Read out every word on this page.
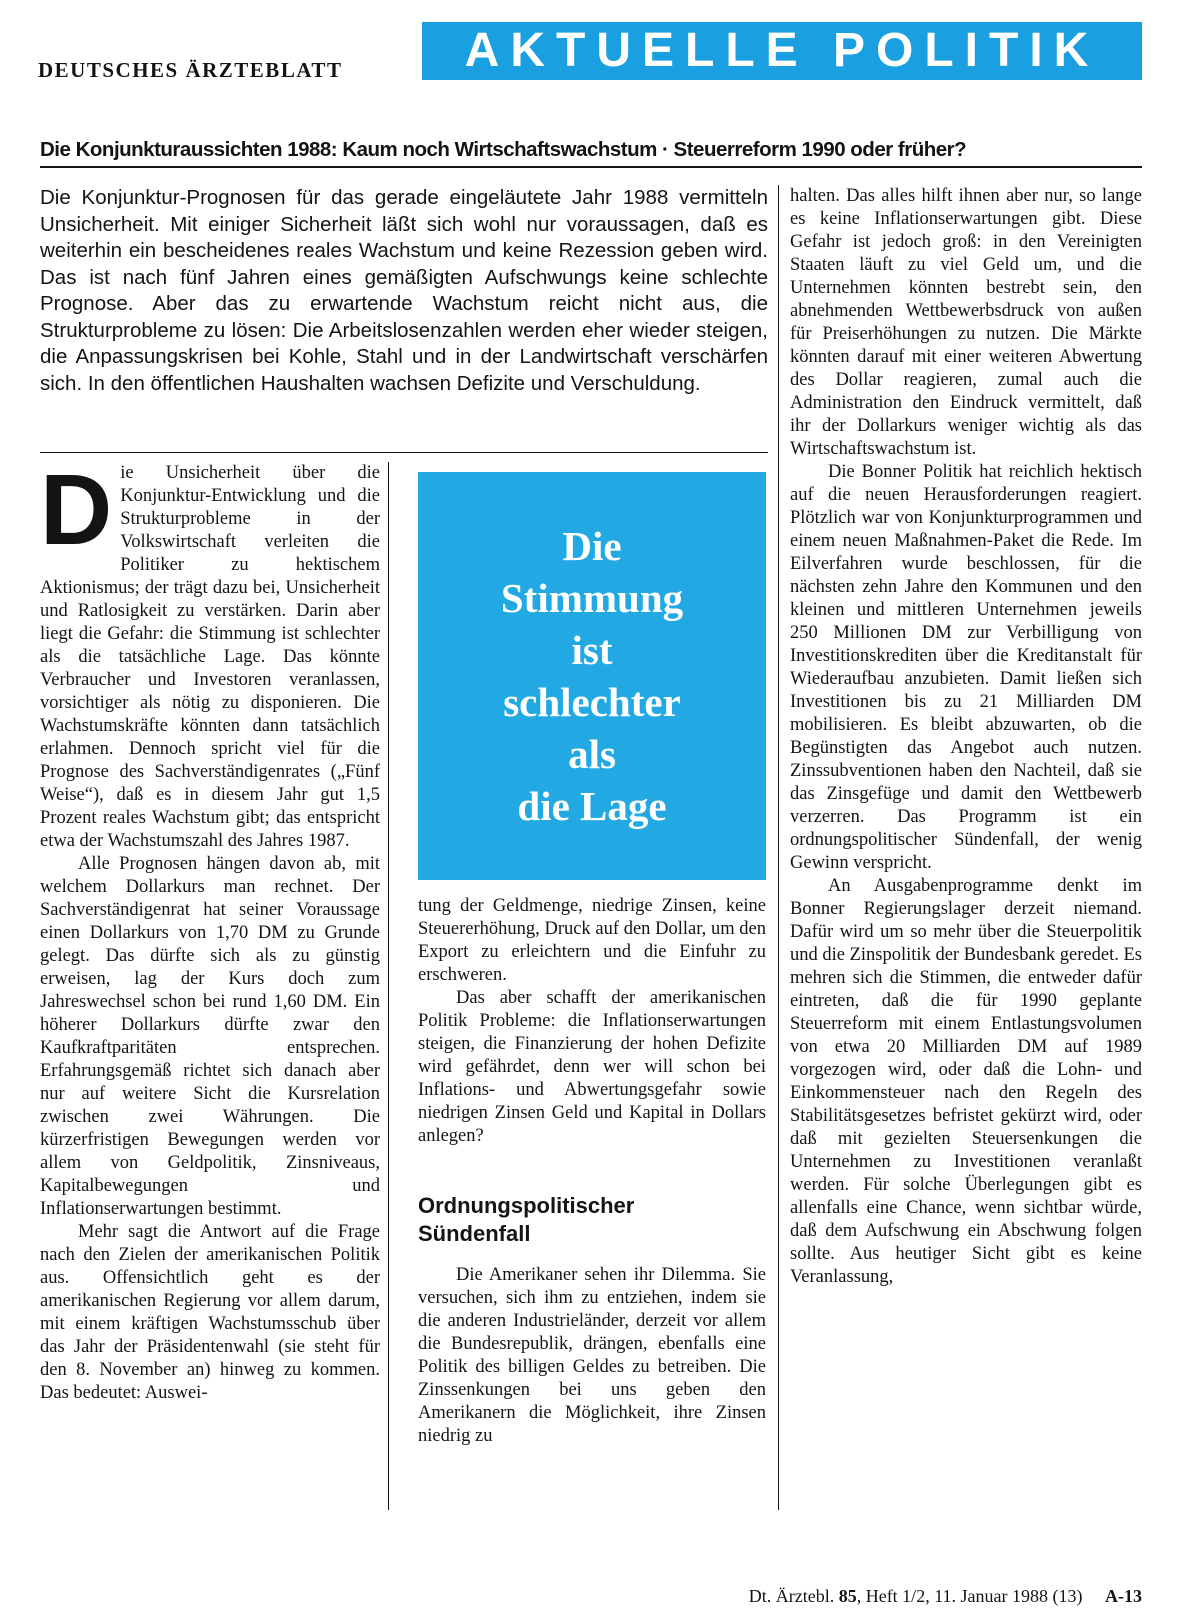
DEUTSCHES ÄRZTEBLATT	AKTUELLE POLITIK
Die Konjunkturaussichten 1988: Kaum noch Wirtschaftswachstum · Steuerreform 1990 oder früher?

Die Konjunktur-Prognosen für das gerade eingeläutete Jahr 1988 vermitteln Unsicherheit. Mit einiger Sicherheit läßt sich wohl nur voraussagen, daß es weiterhin ein bescheidenes reales Wachstum und keine Rezession geben wird. Das ist nach fünf Jahren eines gemäßigten Aufschwungs keine schlechte Prognose. Aber das zu erwartende Wachstum reicht nicht aus, die Strukturprobleme zu lösen: Die Arbeitslosenzahlen werden eher wieder steigen, die Anpassungskrisen bei Kohle, Stahl und in der Landwirtschaft verschärfen sich. In den öffentlichen Haushalten wachsen Defizite und Verschuldung.

Die Unsicherheit über die Konjunktur-Entwicklung und die Strukturprobleme in der Volkswirtschaft verleiten die Politiker zu hektischem Aktionismus; der trägt dazu bei, Unsicherheit und Ratlosigkeit zu verstärken. Darin aber liegt die Gefahr: die Stimmung ist schlechter als die tatsächliche Lage. Das könnte Verbraucher und Investoren veranlassen, vorsichtiger als nötig zu disponieren. Die Wachstumskräfte könnten dann tatsächlich erlahmen. Dennoch spricht viel für die Prognose des Sachverständigenrates („Fünf Weise“), daß es in diesem Jahr gut 1,5 Prozent reales Wachstum gibt; das entspricht etwa der Wachstumszahl des Jahres 1987.

Alle Prognosen hängen davon ab, mit welchem Dollarkurs man rechnet. Der Sachverständigenrat hat seiner Voraussage einen Dollarkurs von 1,70 DM zu Grunde gelegt. Das dürfte sich als zu günstig erweisen, lag der Kurs doch zum Jahreswechsel schon bei rund 1,60 DM. Ein höherer Dollarkurs dürfte zwar den Kaufkraftparitäten entsprechen. Erfahrungsgemäß richtet sich danach aber nur auf weitere Sicht die Kursrelation zwischen zwei Währungen. Die kürzerfristigen Bewegungen werden vor allem von Geldpolitik, Zinsniveaus, Kapitalbewegungen und Inflationserwartungen bestimmt.

Mehr sagt die Antwort auf die Frage nach den Zielen der amerikanischen Politik aus. Offensichtlich geht es der amerikanischen Regierung vor allem darum, mit einem kräftigen Wachstumsschub über das Jahr der Präsidentenwahl (sie steht für den 8. November an) hinweg zu kommen. Das bedeutet: Auswei-

Die
Stimmung
ist
schlechter
als
die Lage

tung der Geldmenge, niedrige Zinsen, keine Steuererhöhung, Druck auf den Dollar, um den Export zu erleichtern und die Einfuhr zu erschweren.

Das aber schafft der amerikanischen Politik Probleme: die Inflationserwartungen steigen, die Finanzierung der hohen Defizite wird gefährdet, denn wer will schon bei Inflations- und Abwertungsgefahr sowie niedrigen Zinsen Geld und Kapital in Dollars anlegen?

Ordnungspolitischer
Sündenfall

Die Amerikaner sehen ihr Dilemma. Sie versuchen, sich ihm zu entziehen, indem sie die anderen Industrieländer, derzeit vor allem die Bundesrepublik, drängen, ebenfalls eine Politik des billigen Geldes zu betreiben. Die Zinssenkungen bei uns geben den Amerikanern die Möglichkeit, ihre Zinsen niedrig zu

halten. Das alles hilft ihnen aber nur, so lange es keine Inflationserwartungen gibt. Diese Gefahr ist jedoch groß: in den Vereinigten Staaten läuft zu viel Geld um, und die Unternehmen könnten bestrebt sein, den abnehmenden Wettbewerbsdruck von außen für Preiserhöhungen zu nutzen. Die Märkte könnten darauf mit einer weiteren Abwertung des Dollar reagieren, zumal auch die Administration den Eindruck vermittelt, daß ihr der Dollarkurs weniger wichtig als das Wirtschaftswachstum ist.

Die Bonner Politik hat reichlich hektisch auf die neuen Herausforderungen reagiert. Plötzlich war von Konjunkturprogrammen und einem neuen Maßnahmen-Paket die Rede. Im Eilverfahren wurde beschlossen, für die nächsten zehn Jahre den Kommunen und den kleinen und mittleren Unternehmen jeweils 250 Millionen DM zur Verbilligung von Investitionskrediten über die Kreditanstalt für Wiederaufbau anzubieten. Damit ließen sich Investitionen bis zu 21 Milliarden DM mobilisieren. Es bleibt abzuwarten, ob die Begünstigten das Angebot auch nutzen. Zinssubventionen haben den Nachteil, daß sie das Zinsgefüge und damit den Wettbewerb verzerren. Das Programm ist ein ordnungspolitischer Sündenfall, der wenig Gewinn verspricht.

An Ausgabenprogramme denkt im Bonner Regierungslager derzeit niemand. Dafür wird um so mehr über die Steuerpolitik und die Zinspolitik der Bundesbank geredet. Es mehren sich die Stimmen, die entweder dafür eintreten, daß die für 1990 geplante Steuerreform mit einem Entlastungsvolumen von etwa 20 Milliarden DM auf 1989 vorgezogen wird, oder daß die Lohn- und Einkommensteuer nach den Regeln des Stabilitätsgesetzes befristet gekürzt wird, oder daß mit gezielten Steuersenkungen die Unternehmen zu Investitionen veranlaßt werden. Für solche Überlegungen gibt es allenfalls eine Chance, wenn sichtbar würde, daß dem Aufschwung ein Abschwung folgen sollte. Aus heutiger Sicht gibt es keine Veranlassung,

Dt. Ärztebl. 85, Heft 1/2, 11. Januar 1988 (13) A-13
